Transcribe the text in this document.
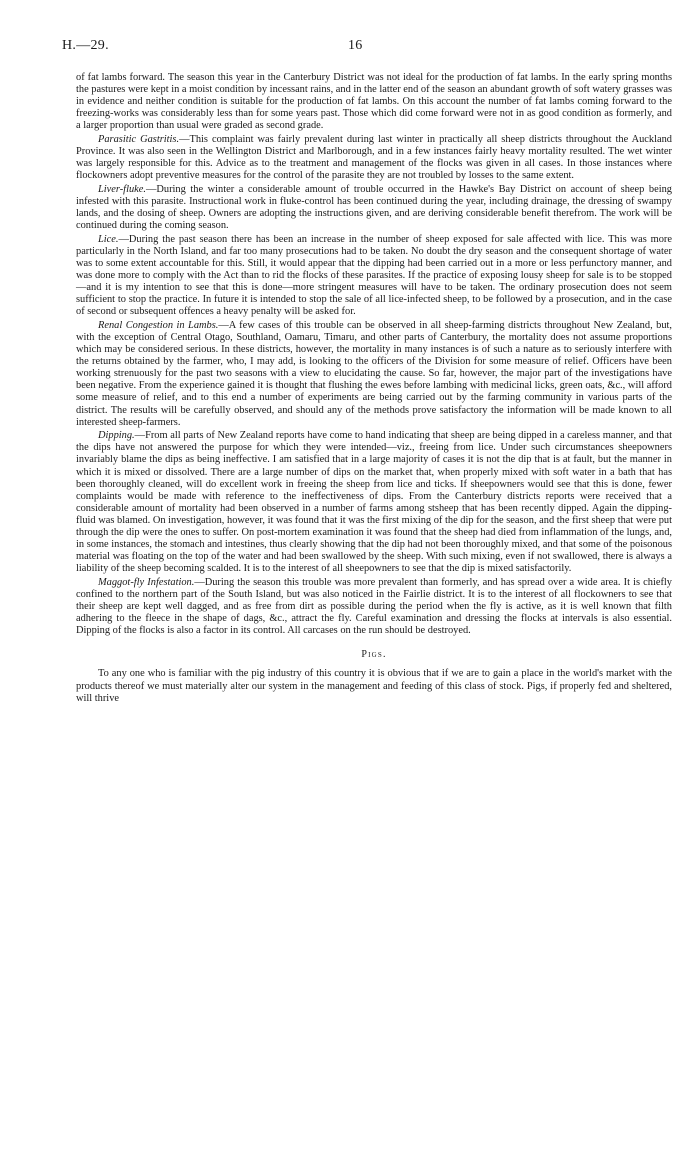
H.—29.	16

of fat lambs forward. The season this year in the Canterbury District was not ideal for the production of fat lambs. In the early spring months the pastures were kept in a moist condition by incessant rains, and in the latter end of the season an abundant growth of soft watery grasses was in evidence and neither condition is suitable for the production of fat lambs. On this account the number of fat lambs coming forward to the freezing-works was considerably less than for some years past. Those which did come forward were not in as good condition as formerly, and a larger proportion than usual were graded as second grade.

Parasitic Gastritis.—This complaint was fairly prevalent during last winter in practically all sheep districts throughout the Auckland Province. It was also seen in the Wellington District and Marlborough, and in a few instances fairly heavy mortality resulted. The wet winter was largely responsible for this. Advice as to the treatment and management of the flocks was given in all cases. In those instances where flockowners adopt preventive measures for the control of the parasite they are not troubled by losses to the same extent.

Liver-fluke.—During the winter a considerable amount of trouble occurred in the Hawke's Bay District on account of sheep being infested with this parasite. Instructional work in fluke-control has been continued during the year, including drainage, the dressing of swampy lands, and the dosing of sheep. Owners are adopting the instructions given, and are deriving considerable benefit therefrom. The work will be continued during the coming season.

Lice.—During the past season there has been an increase in the number of sheep exposed for sale affected with lice. This was more particularly in the North Island, and far too many prosecutions had to be taken. No doubt the dry season and the consequent shortage of water was to some extent accountable for this. Still, it would appear that the dipping had been carried out in a more or less perfunctory manner, and was done more to comply with the Act than to rid the flocks of these parasites. If the practice of exposing lousy sheep for sale is to be stopped—and it is my intention to see that this is done—more stringent measures will have to be taken. The ordinary prosecution does not seem sufficient to stop the practice. In future it is intended to stop the sale of all lice-infected sheep, to be followed by a prosecution, and in the case of second or subsequent offences a heavy penalty will be asked for.

Renal Congestion in Lambs.—A few cases of this trouble can be observed in all sheep-farming districts throughout New Zealand, but, with the exception of Central Otago, Southland, Oamaru, Timaru, and other parts of Canterbury, the mortality does not assume proportions which may be considered serious. In these districts, however, the mortality in many instances is of such a nature as to seriously interfere with the returns obtained by the farmer, who, I may add, is looking to the officers of the Division for some measure of relief. Officers have been working strenuously for the past two seasons with a view to elucidating the cause. So far, however, the major part of the investigations have been negative. From the experience gained it is thought that flushing the ewes before lambing with medicinal licks, green oats, &c., will afford some measure of relief, and to this end a number of experiments are being carried out by the farming community in various parts of the district. The results will be carefully observed, and should any of the methods prove satisfactory the information will be made known to all interested sheep-farmers.

Dipping.—From all parts of New Zealand reports have come to hand indicating that sheep are being dipped in a careless manner, and that the dips have not answered the purpose for which they were intended—viz., freeing from lice. Under such circumstances sheepowners invariably blame the dips as being ineffective. I am satisfied that in a large majority of cases it is not the dip that is at fault, but the manner in which it is mixed or dissolved. There are a large number of dips on the market that, when properly mixed with soft water in a bath that has been thoroughly cleaned, will do excellent work in freeing the sheep from lice and ticks. If sheepowners would see that this is done, fewer complaints would be made with reference to the ineffectiveness of dips. From the Canterbury districts reports were received that a considerable amount of mortality had been observed in a number of farms among stsheep that has been recently dipped. Again the dipping-fluid was blamed. On investigation, however, it was found that it was the first mixing of the dip for the season, and the first sheep that were put through the dip were the ones to suffer. On post-mortem examination it was found that the sheep had died from inflammation of the lungs, and, in some instances, the stomach and intestines, thus clearly showing that the dip had not been thoroughly mixed, and that some of the poisonous material was floating on the top of the water and had been swallowed by the sheep. With such mixing, even if not swallowed, there is always a liability of the sheep becoming scalded. It is to the interest of all sheepowners to see that the dip is mixed satisfactorily.

Maggot-fly Infestation.—During the season this trouble was more prevalent than formerly, and has spread over a wide area. It is chiefly confined to the northern part of the South Island, but was also noticed in the Fairlie district. It is to the interest of all flockowners to see that their sheep are kept well dagged, and as free from dirt as possible during the period when the fly is active, as it is well known that filth adhering to the fleece in the shape of dags, &c., attract the fly. Careful examination and dressing the flocks at intervals is also essential. Dipping of the flocks is also a factor in its control. All carcases on the run should be destroyed.

Pigs.

To any one who is familiar with the pig industry of this country it is obvious that if we are to gain a place in the world's market with the products thereof we must materially alter our system in the management and feeding of this class of stock. Pigs, if properly fed and sheltered, will thrive
